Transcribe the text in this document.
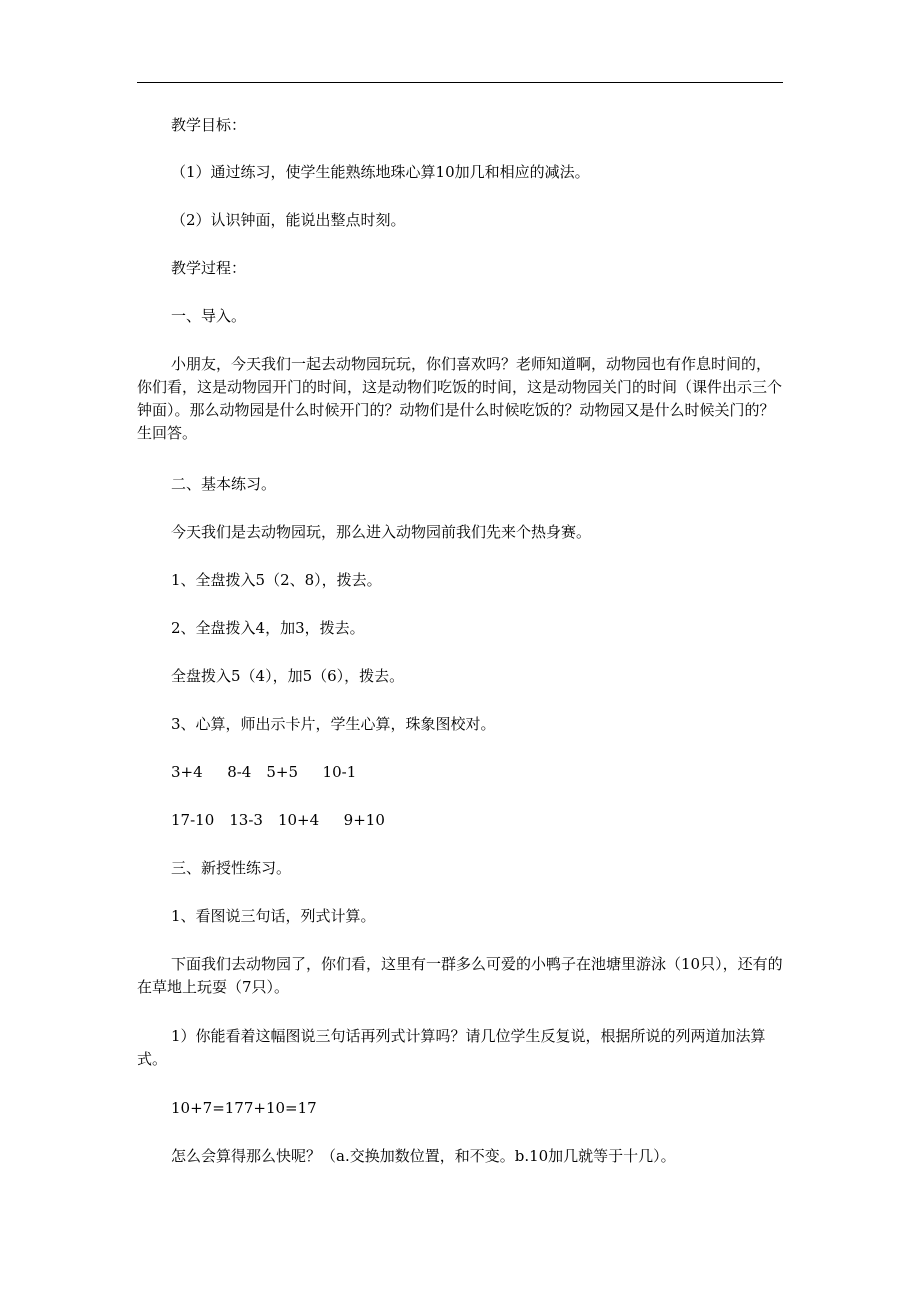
教学目标：

（1）通过练习，使学生能熟练地珠心算10加几和相应的减法。

（2）认识钟面，能说出整点时刻。

教学过程：

一、导入。

小朋友，今天我们一起去动物园玩玩，你们喜欢吗？老师知道啊，动物园也有作息时间的，你们看，这是动物园开门的时间，这是动物们吃饭的时间，这是动物园关门的时间（课件出示三个钟面）。那么动物园是什么时候开门的？动物们是什么时候吃饭的？动物园又是什么时候关门的？生回答。

二、基本练习。

今天我们是去动物园玩，那么进入动物园前我们先来个热身赛。

1、全盘拨入5（2、8），拨去。

2、全盘拨入4，加3，拨去。

全盘拨入5（4），加5（6），拨去。

3、心算，师出示卡片，学生心算，珠象图校对。

3+4　  8-4　5+5　  10-1

17-10　13-3　10+4　  9+10

三、新授性练习。

1、看图说三句话，列式计算。

下面我们去动物园了，你们看，这里有一群多么可爱的小鸭子在池塘里游泳（10只），还有的在草地上玩耍（7只）。

1）你能看着这幅图说三句话再列式计算吗？请几位学生反复说，根据所说的列两道加法算式。

10+7=177+10=17

怎么会算得那么快呢？（a.交换加数位置，和不变。b.10加几就等于十几）。
